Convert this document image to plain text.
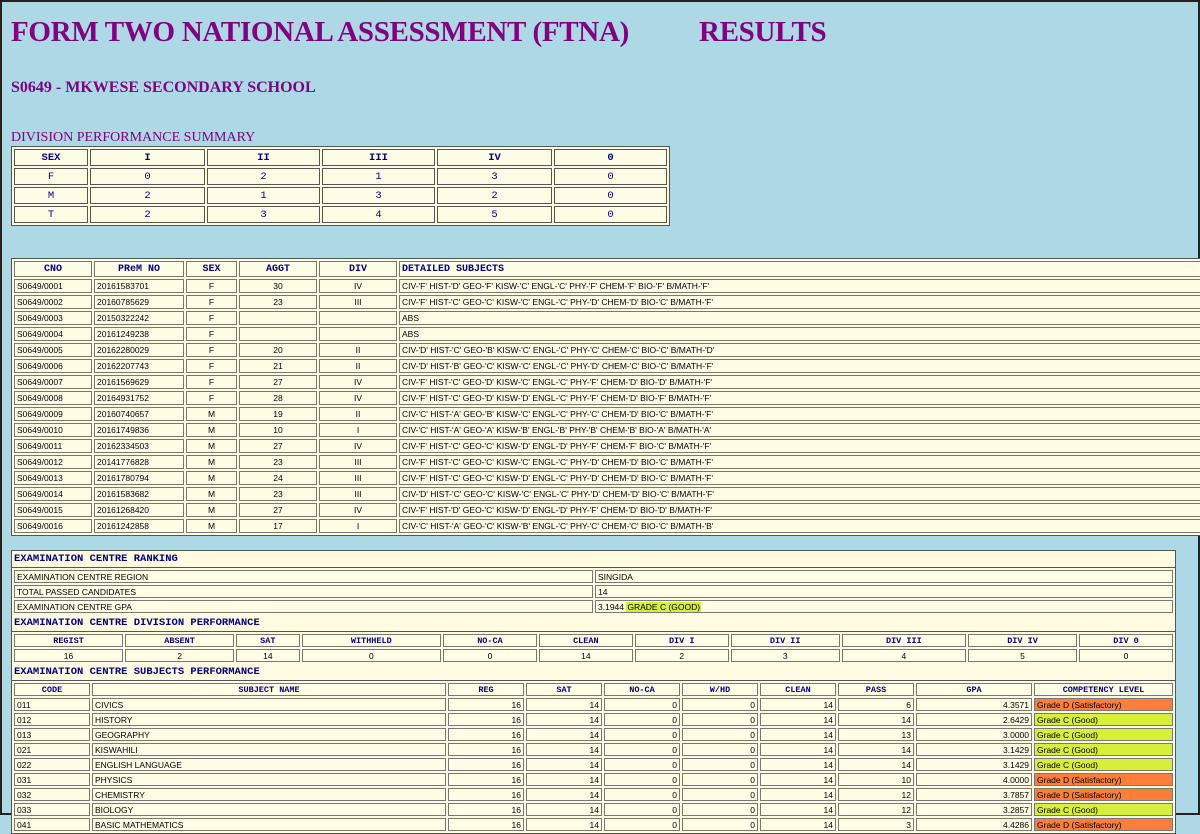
FORM TWO NATIONAL ASSESSMENT (FTNA) RESULTS
S0649 - MKWESE SECONDARY SCHOOL

DIVISION PERFORMANCE SUMMARY

SEX	I	II	III	IV	0
F	0	2	1	3	0
M	2	1	3	2	0
T	2	3	4	5	0
CNO	PReM NO	SEX	AGGT	DIV	DETAILED SUBJECTS
S0649/0001	20161583701	F	30	IV	CIV-'F' HIST-'D' GEO-'F' KISW-'C' ENGL-'C' PHY-'F' CHEM-'F' BIO-'F' B/MATH-'F'
S0649/0002	20160785629	F	23	III	CIV-'F' HIST-'C' GEO-'C' KISW-'C' ENGL-'C' PHY-'D' CHEM-'D' BIO-'C' B/MATH-'F'
S0649/0003	20150322242	F			ABS
S0649/0004	20161249238	F			ABS
S0649/0005	20162280029	F	20	II	CIV-'D' HIST-'C' GEO-'B' KISW-'C' ENGL-'C' PHY-'C' CHEM-'C' BIO-'C' B/MATH-'D'
S0649/0006	20162207743	F	21	II	CIV-'D' HIST-'B' GEO-'C' KISW-'C' ENGL-'C' PHY-'D' CHEM-'C' BIO-'C' B/MATH-'F'
S0649/0007	20161569629	F	27	IV	CIV-'F' HIST-'C' GEO-'D' KISW-'C' ENGL-'C' PHY-'F' CHEM-'D' BIO-'D' B/MATH-'F'
S0649/0008	20164931752	F	28	IV	CIV-'F' HIST-'C' GEO-'D' KISW-'D' ENGL-'C' PHY-'F' CHEM-'D' BIO-'F' B/MATH-'F'
S0649/0009	20160740657	M	19	II	CIV-'C' HIST-'A' GEO-'B' KISW-'C' ENGL-'C' PHY-'C' CHEM-'D' BIO-'C' B/MATH-'F'
S0649/0010	20161749836	M	10	I	CIV-'C' HIST-'A' GEO-'A' KISW-'B' ENGL-'B' PHY-'B' CHEM-'B' BIO-'A' B/MATH-'A'
S0649/0011	20162334503	M	27	IV	CIV-'F' HIST-'C' GEO-'C' KISW-'D' ENGL-'D' PHY-'F' CHEM-'F' BIO-'C' B/MATH-'F'
S0649/0012	20141776828	M	23	III	CIV-'F' HIST-'C' GEO-'C' KISW-'C' ENGL-'C' PHY-'D' CHEM-'D' BIO-'C' B/MATH-'F'
S0649/0013	20161780794	M	24	III	CIV-'F' HIST-'C' GEO-'C' KISW-'D' ENGL-'C' PHY-'D' CHEM-'D' BIO-'C' B/MATH-'F'
S0649/0014	20161583682	M	23	III	CIV-'D' HIST-'C' GEO-'C' KISW-'C' ENGL-'C' PHY-'D' CHEM-'D' BIO-'C' B/MATH-'F'
S0649/0015	20161268420	M	27	IV	CIV-'F' HIST-'D' GEO-'C' KISW-'D' ENGL-'D' PHY-'F' CHEM-'D' BIO-'D' B/MATH-'F'
S0649/0016	20161242858	M	17	I	CIV-'C' HIST-'A' GEO-'C' KISW-'B' ENGL-'C' PHY-'C' CHEM-'C' BIO-'C' B/MATH-'B'
EXAMINATION CENTRE RANKING
EXAMINATION CENTRE REGION	SINGIDA
TOTAL PASSED CANDIDATES	14
EXAMINATION CENTRE GPA	3.1944 GRADE C (GOOD)
EXAMINATION CENTRE DIVISION PERFORMANCE
REGIST	ABSENT	SAT	WITHHELD	NO-CA	CLEAN	DIV I	DIV II	DIV III	DIV IV	DIV 0
16	2	14	0	0	14	2	3	4	5	0
EXAMINATION CENTRE SUBJECTS PERFORMANCE
CODE	SUBJECT NAME	REG	SAT	NO-CA	W/HD	CLEAN	PASS	GPA	COMPETENCY LEVEL
011	CIVICS	16	14	0	0	14	6	4.3571	Grade D (Satisfactory)
012	HISTORY	16	14	0	0	14	14	2.6429	Grade C (Good)
013	GEOGRAPHY	16	14	0	0	14	13	3.0000	Grade C (Good)
021	KISWAHILI	16	14	0	0	14	14	3.1429	Grade C (Good)
022	ENGLISH LANGUAGE	16	14	0	0	14	14	3.1429	Grade C (Good)
031	PHYSICS	16	14	0	0	14	10	4.0000	Grade D (Satisfactory)
032	CHEMISTRY	16	14	0	0	14	12	3.7857	Grade D (Satisfactory)
033	BIOLOGY	16	14	0	0	14	12	3.2857	Grade C (Good)
041	BASIC MATHEMATICS	16	14	0	0	14	3	4.4286	Grade D (Satisfactory)
